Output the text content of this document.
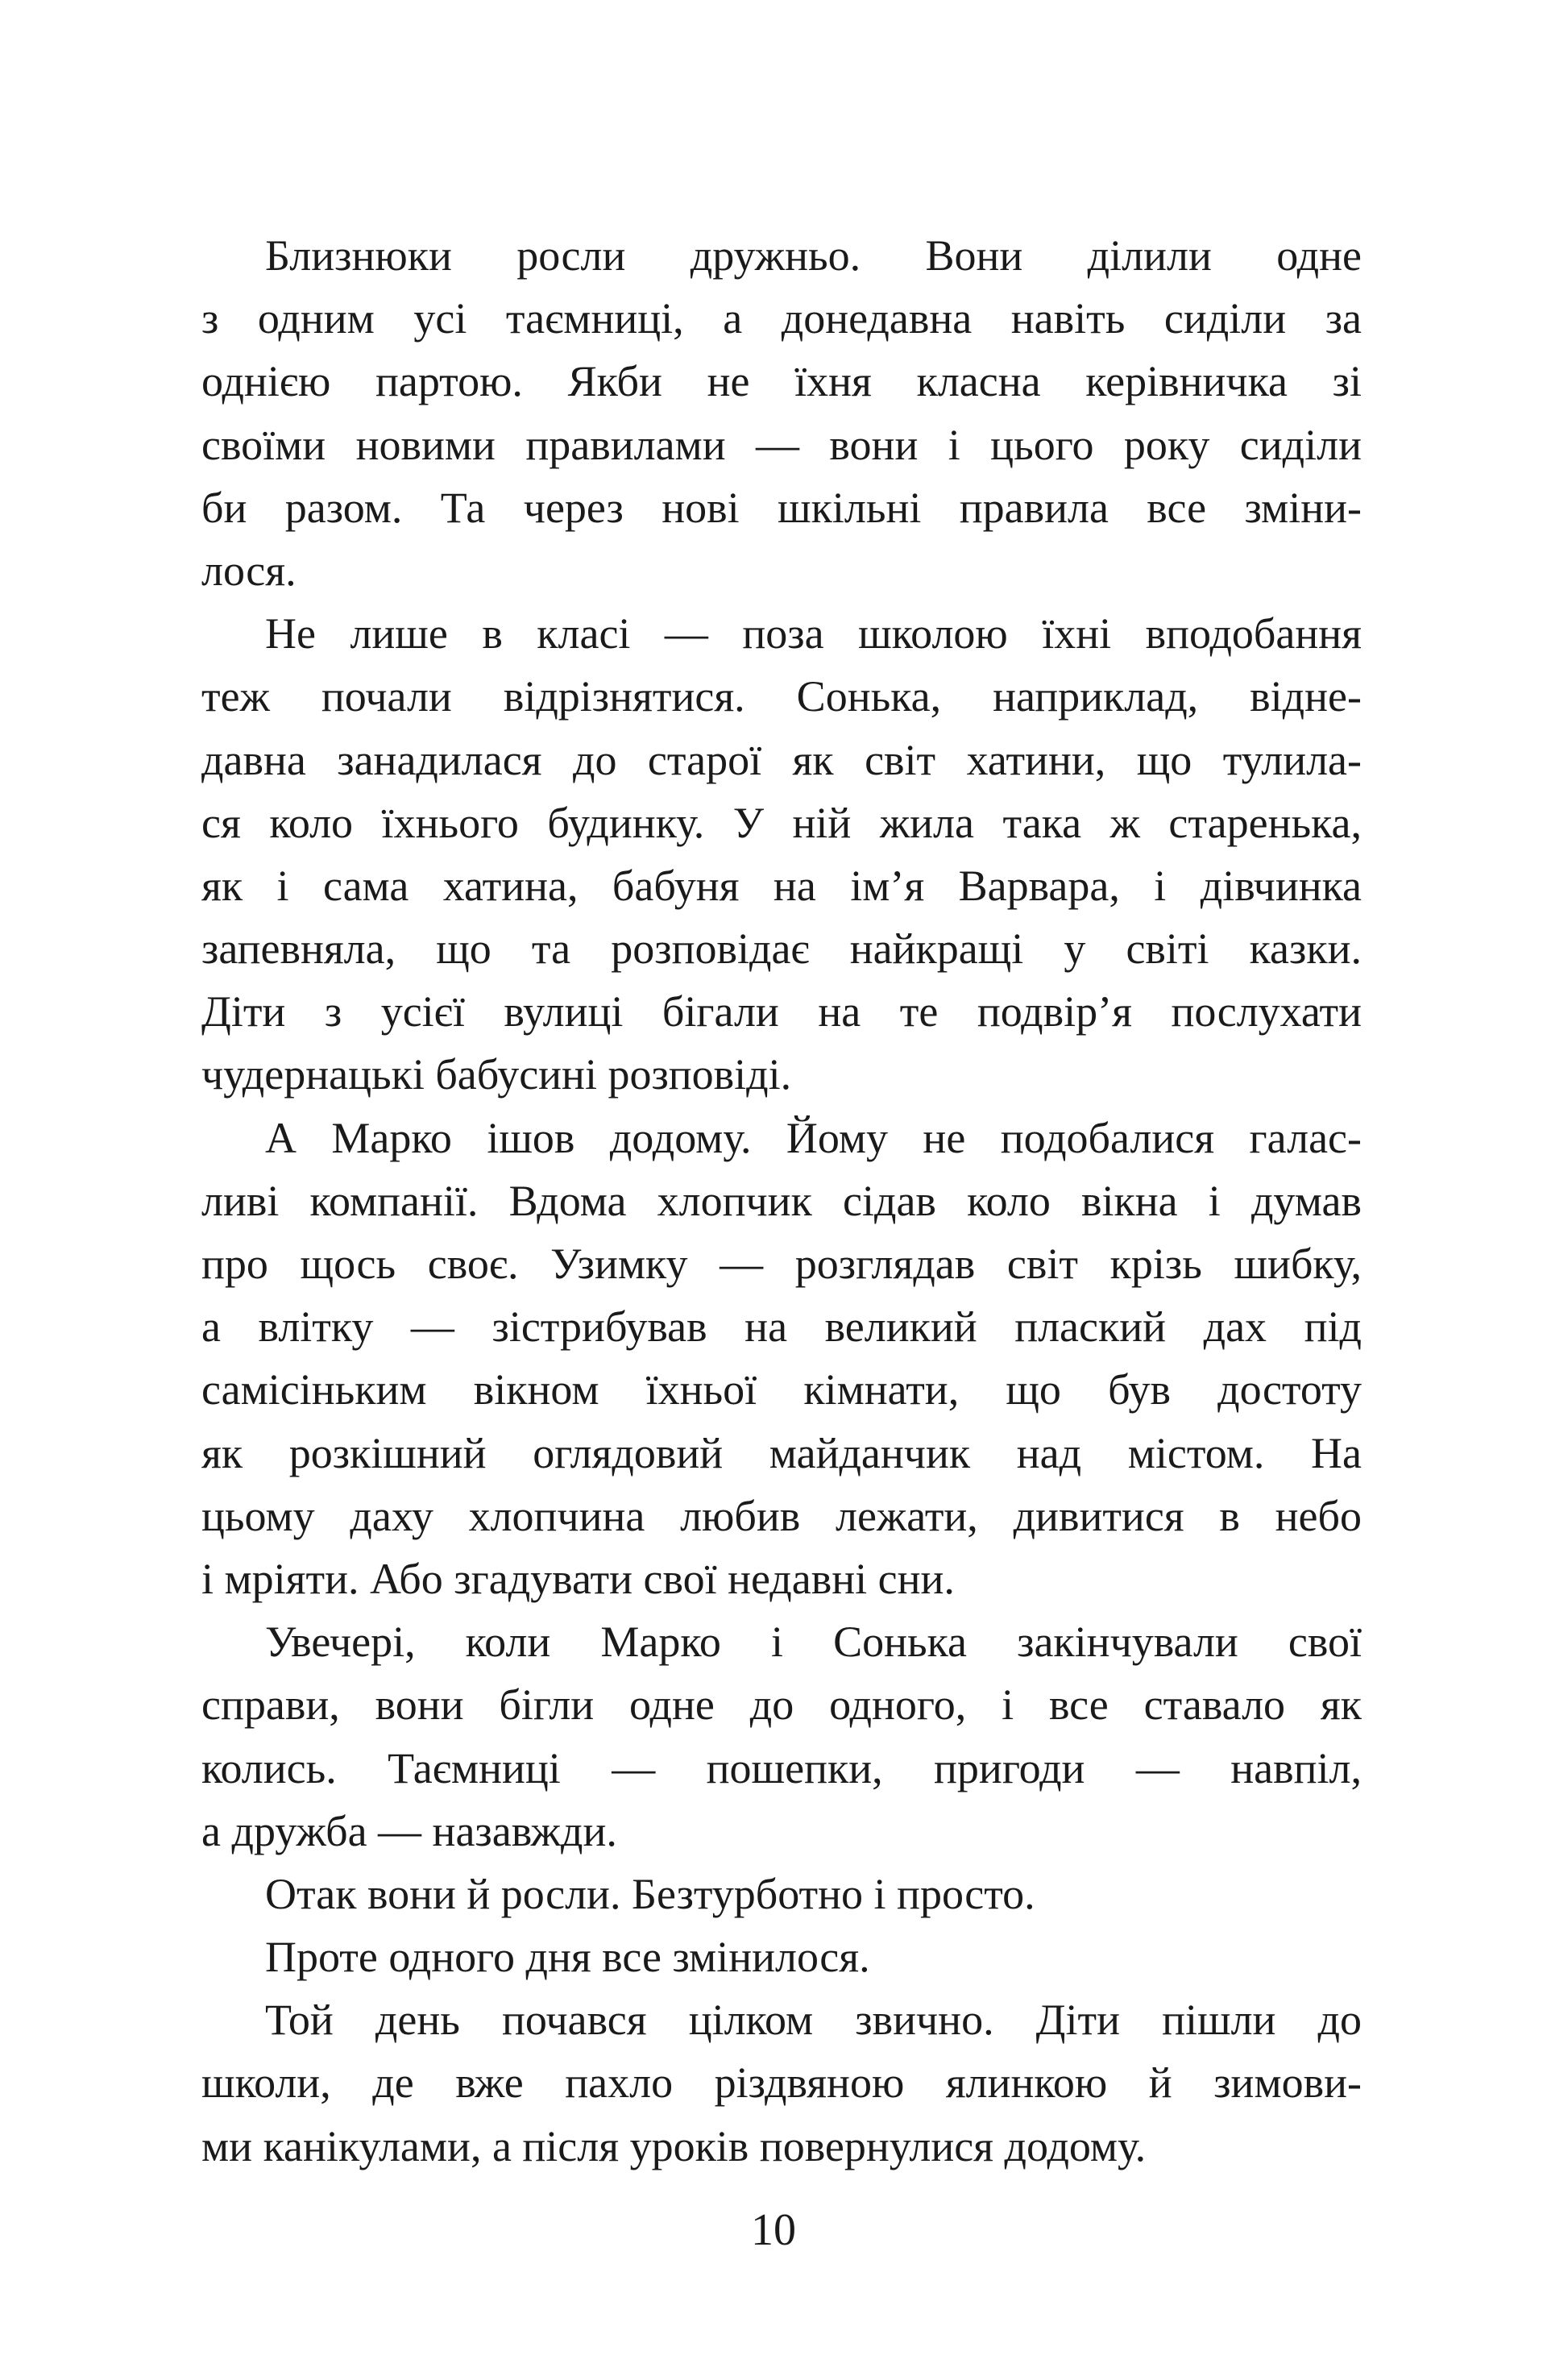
Близнюки росли дружньо. Вони ділили одне
з одним усі таємниці, а донедавна навіть сиділи за
однією партою. Якби не їхня класна керівничка зі
своїми новими правилами — вони і цього року сиділи
би разом. Та через нові шкільні правила все зміни-
лося.
Не лише в класі — поза школою їхні вподобання
теж почали відрізнятися. Сонька, наприклад, відне-
давна занадилася до старої як світ хатини, що тулила-
ся коло їхнього будинку. У ній жила така ж старенька,
як і сама хатина, бабуня на ім’я Варвара, і дівчинка
запевняла, що та розповідає найкращі у світі казки.
Діти з усієї вулиці бігали на те подвір’я послухати
чудернацькі бабусині розповіді.
А Марко ішов додому. Йому не подобалися галас-
ливі компанії. Вдома хлопчик сідав коло вікна і думав
про щось своє. Узимку — розглядав світ крізь шибку,
а влітку — зістрибував на великий плаский дах під
самісіньким вікном їхньої кімнати, що був достоту
як розкішний оглядовий майданчик над містом. На
цьому даху хлопчина любив лежати, дивитися в небо
і мріяти. Або згадувати свої недавні сни.
Увечері, коли Марко і Сонька закінчували свої
справи, вони бігли одне до одного, і все ставало як
колись. Таємниці — пошепки, пригоди — навпіл,
а дружба — назавжди.
Отак вони й росли. Безтурботно і просто.
Проте одного дня все змінилося.
Той день почався цілком звично. Діти пішли до
школи, де вже пахло різдвяною ялинкою й зимови-
ми канікулами, а після уроків повернулися додому.
10
